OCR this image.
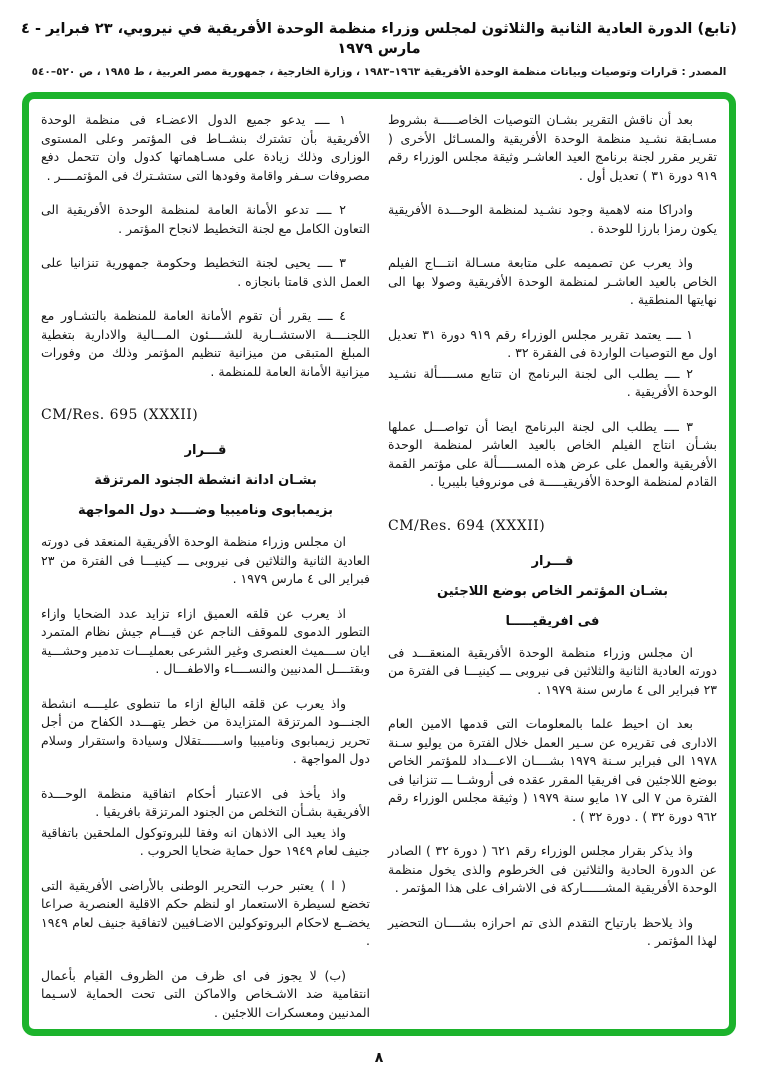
(تابع) الدورة العادية الثانية والثلاثون لمجلس وزراء منظمة الوحدة الأفريقية في نيروبي، ٢٣ فبراير - ٤ مارس ١٩٧٩
المصدر : قرارات وتوصيات وبيانات منظمة الوحدة الأفريقية ١٩٦٣–١٩٨٣ ، وزارة الخارجية ، جمهورية مصر العربية ، ط ١٩٨٥ ، ص ٥٢٠–٥٤٠
بعد أن ناقش التقرير بشـان التوصيات الخاصـــــة بشروط مسـابقة نشـيد منظمة الوحدة الأفريقية والمسـائل الأخرى ( تقرير مقرر لجنة برنامج العيد العاشـر وثيقة مجلس الوزراء رقم ٩١٩ دورة ٣١ ) تعديل أول .
وادراكا منه لاهمية وجود نشـيد لمنظمة الوحـــدة الأفريقية يكون رمزا بارزا للوحدة .
واذ يعرب عن تصميمه على متابعة مسـالة انتـــاج الفيلم الخاص بالعيد العاشـر لمنظمة الوحدة الأفريقية وصولا بها الى نهايتها المنطقية .
١ ــــ يعتمد تقرير مجلس الوزراء رقم ٩١٩ دورة ٣١ تعديل اول مع التوصيات الواردة فى الفقرة ٣٢ .
٢ ــــ يطلب الى لجنة البرنامج ان تتابع مســـــألة نشـيد الوحدة الأفريقية .
٣ ــــ يطلب الى لجنة البرنامج ايضا أن تواصـــل عملها بشـأن انتاج الفيلم الخاص بالعيد العاشر لمنظمة الوحدة الأفريقية والعمل على عرض هذه المســـــألة على مؤتمر القمة القادم لمنظمة الوحدة الأفريقيـــــة فى مونروفيا بليبريا .
CM/Res. 694 (XXXII)
قـــرار
بشـان المؤتمر الخاص بوضع اللاجئين
فى افريقيـــــا
ان مجلس وزراء منظمة الوحدة الأفريقية المنعقـــد فى دورته العادية الثانية والثلاثين فى نيروبى ـــ كينيـــا فى الفترة من ٢٣ فبراير الى ٤ مارس سنة ١٩٧٩ .
بعد ان احيط علما بالمعلومات التى قدمها الامين العام الادارى فى تقريره عن سـير العمل خلال الفترة من يوليو سـنة ١٩٧٨ الى فبراير سـنة ١٩٧٩ بشــــان الاعـــداد للمؤتمر الخاص بوضع اللاجئين فى افريقيا المقرر عقده فى أروشــا ـــ تنزانيا فى الفترة من ٧ الى ١٧ مايو سنة ١٩٧٩ ( وثيقة مجلس الوزراء رقم ٩٦٢ دورة ٣٢ ) . دورة ٣٢ ) .
واذ يذكر بقرار مجلس الوزراء رقم ٦٢١ ( دورة ٣٢ ) الصادر عن الدورة الحادية والثلاثين فى الخرطوم والذى يخول منظمة الوحدة الأفريقية المشــــــاركة فى الاشراف على هذا المؤتمر .
واذ يلاحظ بارتياح التقدم الذى تم احرازه بشــــان التحضير لهذا المؤتمر .
١ ــــ يدعو جميع الدول الاعضـاء فى منظمة الوحدة الأفريقية بأن تشترك بنشــاط فى المؤتمر وعلى المستوى الوزارى وذلك زيادة على مسـاهماتها كدول وان تتحمل دفع مصروفات سـفر واقامة وفودها التى ستشـترك فى المؤتمــــر .
٢ ــــ تدعو الأمانة العامة لمنظمة الوحدة الأفريقية الى التعاون الكامل مع لجنة التخطيط لانجاح المؤتمر .
٣ ــــ يحيى لجنة التخطيط وحكومة جمهورية تنزانيا على العمل الذى قامتا بانجازه .
٤ ــــ يقرر أن تقوم الأمانة العامة للمنظمة بالتشـاور مع اللجنــــة الاستشــارية للشــــئون المـــالية والادارية بتغطية المبلغ المتبقى من ميزانية تنظيم المؤتمر وذلك من وفورات ميزانية الأمانة العامة للمنظمة .
CM/Res. 695 (XXXII)
قـــرار
بشـان ادانة انشطة الجنود المرتزقة
بزيمبابوى وناميبيا وضــــد دول المواجهة
ان مجلس وزراء منظمة الوحدة الأفريقية المنعقد فى دورته العادية الثانية والثلاثين فى نيروبى ـــ كينيـــا فى الفترة من ٢٣ فبراير الى ٤ مارس ١٩٧٩ .
اذ يعرب عن قلقه العميق ازاء تزايد عدد الضحايا وازاء التطور الدموى للموقف الناجم عن قيـــام جيش نظام المتمرد ايان ســـميث العنصرى وغير الشرعى بعمليـــات تدمير وحشـــية وبقتــــل المدنيين والنســــاء والاطفـــال .
واذ يعرب عن قلقه البالغ ازاء ما تنطوى عليــــه انشطة الجنـــود المرتزقة المتزايدة من خطر يتهـــدد الكفاح من أجل تحرير زيمبابوى وناميبيا واســــــتقلال وسيادة واستقرار وسلام دول المواجهة .
واذ يأخذ فى الاعتبار أحكام اتفاقية منظمة الوحـــدة الأفريقية بشـأن التخلص من الجنود المرتزقة بافريقيا .
واذ يعيد الى الاذهان انه وفقا للبروتوكول الملحقين باتفاقية جنيف لعام ١٩٤٩ حول حماية ضحايا الحروب .
( ا ) يعتبر حرب التحرير الوطنى بالأراضى الأفريقية التى تخضع لسيطرة الاستعمار او لنظم حكم الاقلية العنصرية صراعا يخضــع لاحكام البروتوكولين الاضـافيين لاتفاقية جنيف لعام ١٩٤٩ .
(ب) لا يجوز فى اى ظرف من الظروف القيام بأعمال انتقامية ضد الاشـخاص والاماكن التى تحت الحماية لاسـيما المدنيين ومعسكرات اللاجئين .
٨
